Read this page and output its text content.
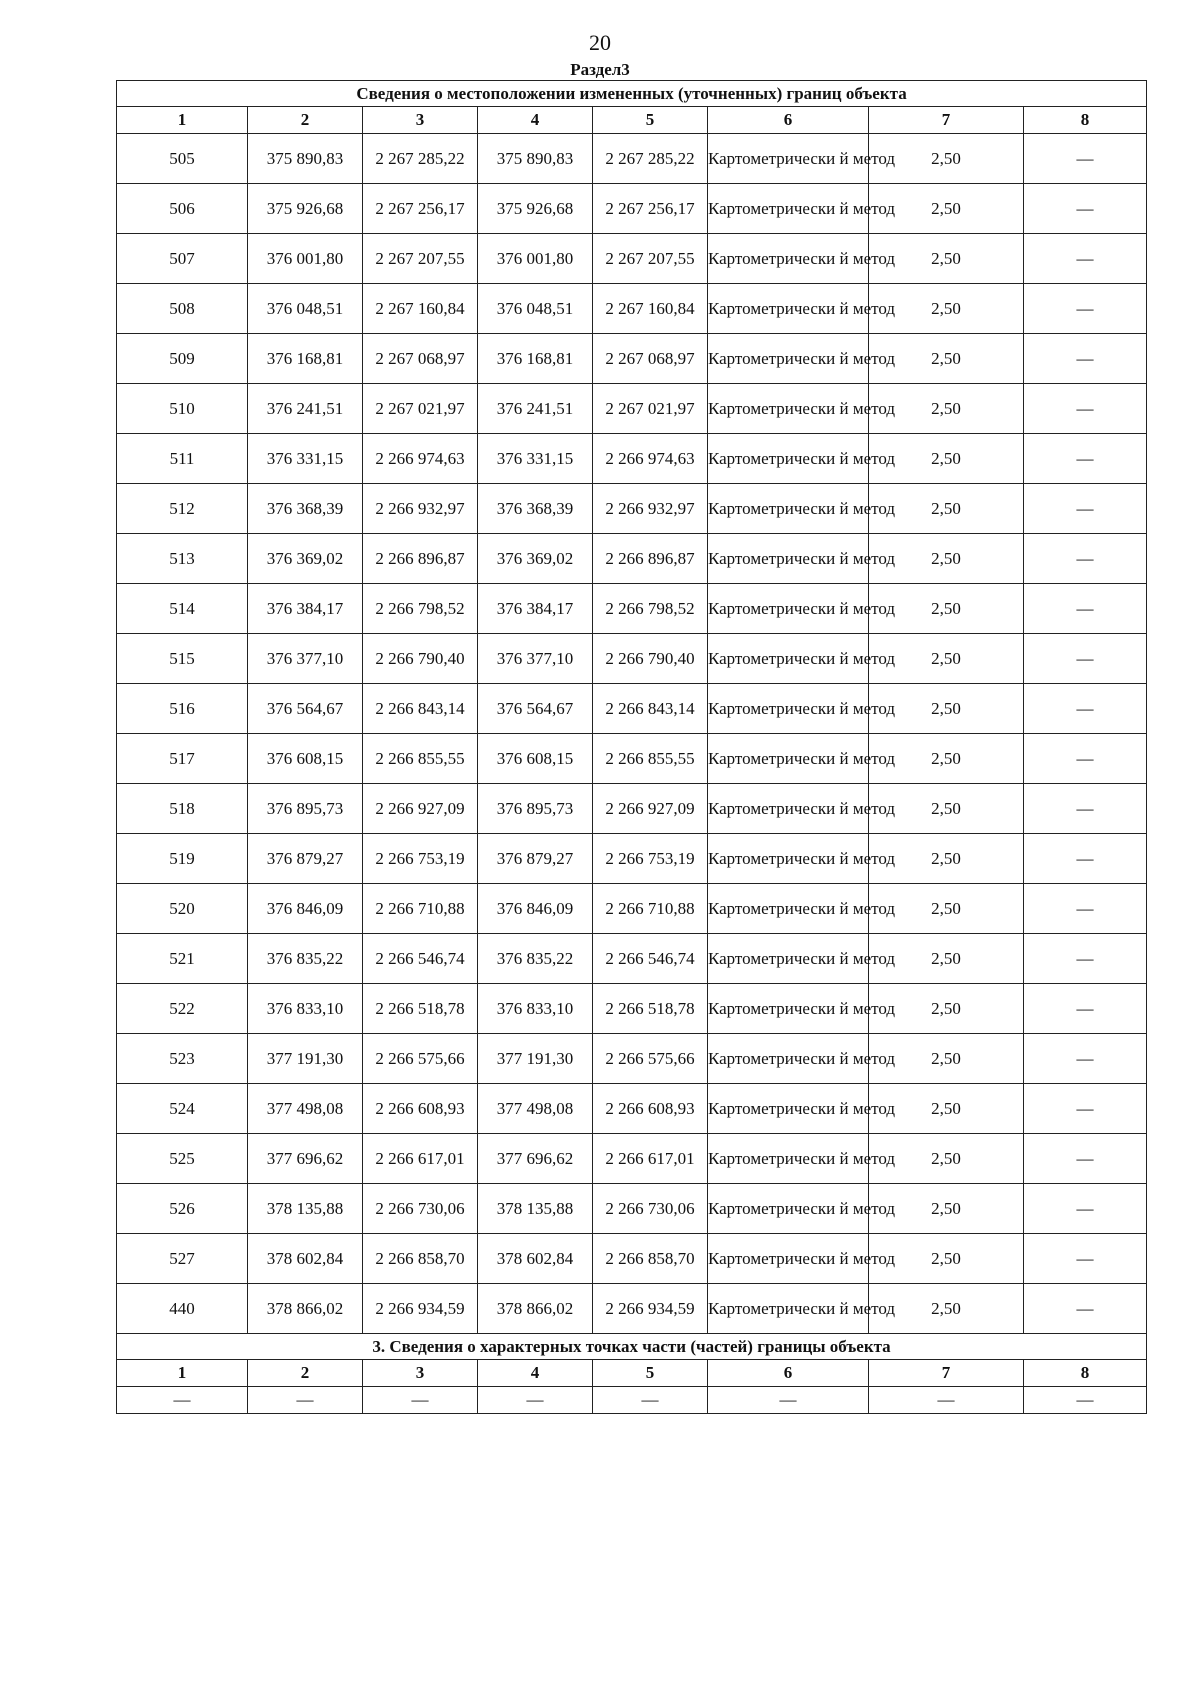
20
Раздел3
Сведения о местоположении измененных (уточненных) границ объекта							
1	2	3	4	5	6	7	8
505	375 890,83	2 267 285,22	375 890,83	2 267 285,22	Картометрически й метод	2,50	—
506	375 926,68	2 267 256,17	375 926,68	2 267 256,17	Картометрически й метод	2,50	—
507	376 001,80	2 267 207,55	376 001,80	2 267 207,55	Картометрически й метод	2,50	—
508	376 048,51	2 267 160,84	376 048,51	2 267 160,84	Картометрически й метод	2,50	—
509	376 168,81	2 267 068,97	376 168,81	2 267 068,97	Картометрически й метод	2,50	—
510	376 241,51	2 267 021,97	376 241,51	2 267 021,97	Картометрически й метод	2,50	—
511	376 331,15	2 266 974,63	376 331,15	2 266 974,63	Картометрически й метод	2,50	—
512	376 368,39	2 266 932,97	376 368,39	2 266 932,97	Картометрически й метод	2,50	—
513	376 369,02	2 266 896,87	376 369,02	2 266 896,87	Картометрически й метод	2,50	—
514	376 384,17	2 266 798,52	376 384,17	2 266 798,52	Картометрически й метод	2,50	—
515	376 377,10	2 266 790,40	376 377,10	2 266 790,40	Картометрически й метод	2,50	—
516	376 564,67	2 266 843,14	376 564,67	2 266 843,14	Картометрически й метод	2,50	—
517	376 608,15	2 266 855,55	376 608,15	2 266 855,55	Картометрически й метод	2,50	—
518	376 895,73	2 266 927,09	376 895,73	2 266 927,09	Картометрически й метод	2,50	—
519	376 879,27	2 266 753,19	376 879,27	2 266 753,19	Картометрически й метод	2,50	—
520	376 846,09	2 266 710,88	376 846,09	2 266 710,88	Картометрически й метод	2,50	—
521	376 835,22	2 266 546,74	376 835,22	2 266 546,74	Картометрически й метод	2,50	—
522	376 833,10	2 266 518,78	376 833,10	2 266 518,78	Картометрически й метод	2,50	—
523	377 191,30	2 266 575,66	377 191,30	2 266 575,66	Картометрически й метод	2,50	—
524	377 498,08	2 266 608,93	377 498,08	2 266 608,93	Картометрически й метод	2,50	—
525	377 696,62	2 266 617,01	377 696,62	2 266 617,01	Картометрически й метод	2,50	—
526	378 135,88	2 266 730,06	378 135,88	2 266 730,06	Картометрически й метод	2,50	—
527	378 602,84	2 266 858,70	378 602,84	2 266 858,70	Картометрически й метод	2,50	—
440	378 866,02	2 266 934,59	378 866,02	2 266 934,59	Картометрически й метод	2,50	—
3. Сведения о характерных точках части (частей) границы объекта							
1	2	3	4	5	6	7	8
—	—	—	—	—	—	—	—
